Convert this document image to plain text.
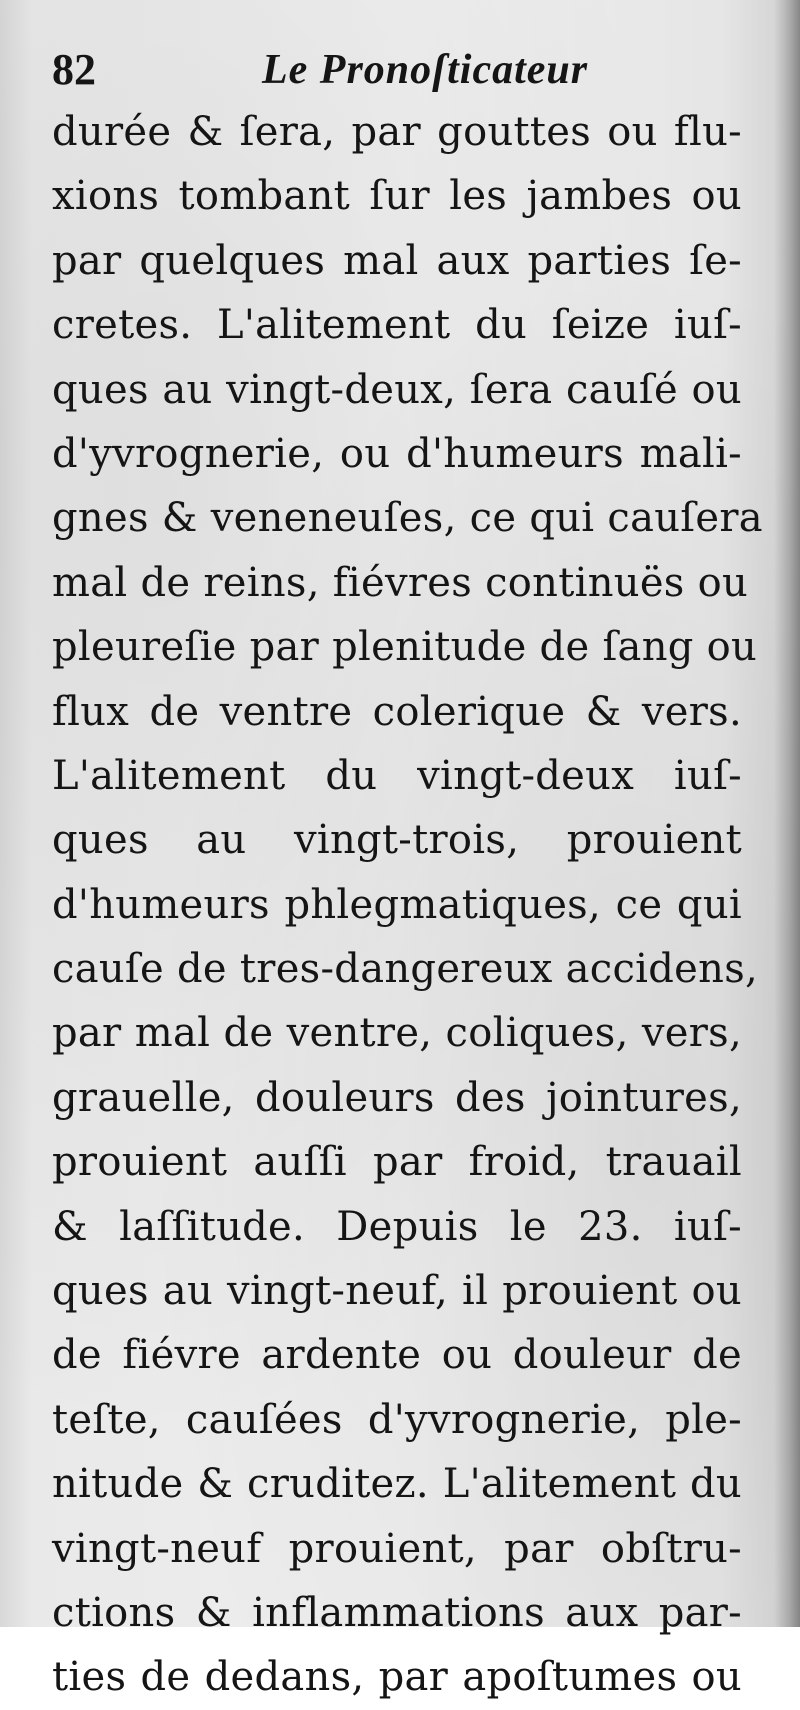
82	Le Pronoſticateur
durée & ſera, par gouttes ou flu-
xions tombant ſur les jambes ou
par quelques mal aux parties ſe-
cretes. L'alitement du ſeize iuſ-
ques au vingt-deux, ſera cauſé ou
d'yvrognerie, ou d'humeurs mali-
gnes & veneneuſes, ce qui cauſera
mal de reins, fiévres continuës ou
pleureſie par plenitude de ſang ou
flux de ventre colerique & vers.
L'alitement du vingt-deux iuſ-
ques au vingt-trois, prouient
d'humeurs phlegmatiques, ce qui
cauſe de tres-dangereux accidens,
par mal de ventre, coliques, vers,
grauelle, douleurs des jointures,
prouient auſſi par froid, trauail
& laſſitude. Depuis le 23. iuſ-
ques au vingt-neuf, il prouient ou
de fiévre ardente ou douleur de
teſte, cauſées d'yvrognerie, ple-
nitude & cruditez. L'alitement du
vingt-neuf prouient, par obſtru-
ctions & inflammations aux par-
ties de dedans, par apoſtumes ou
